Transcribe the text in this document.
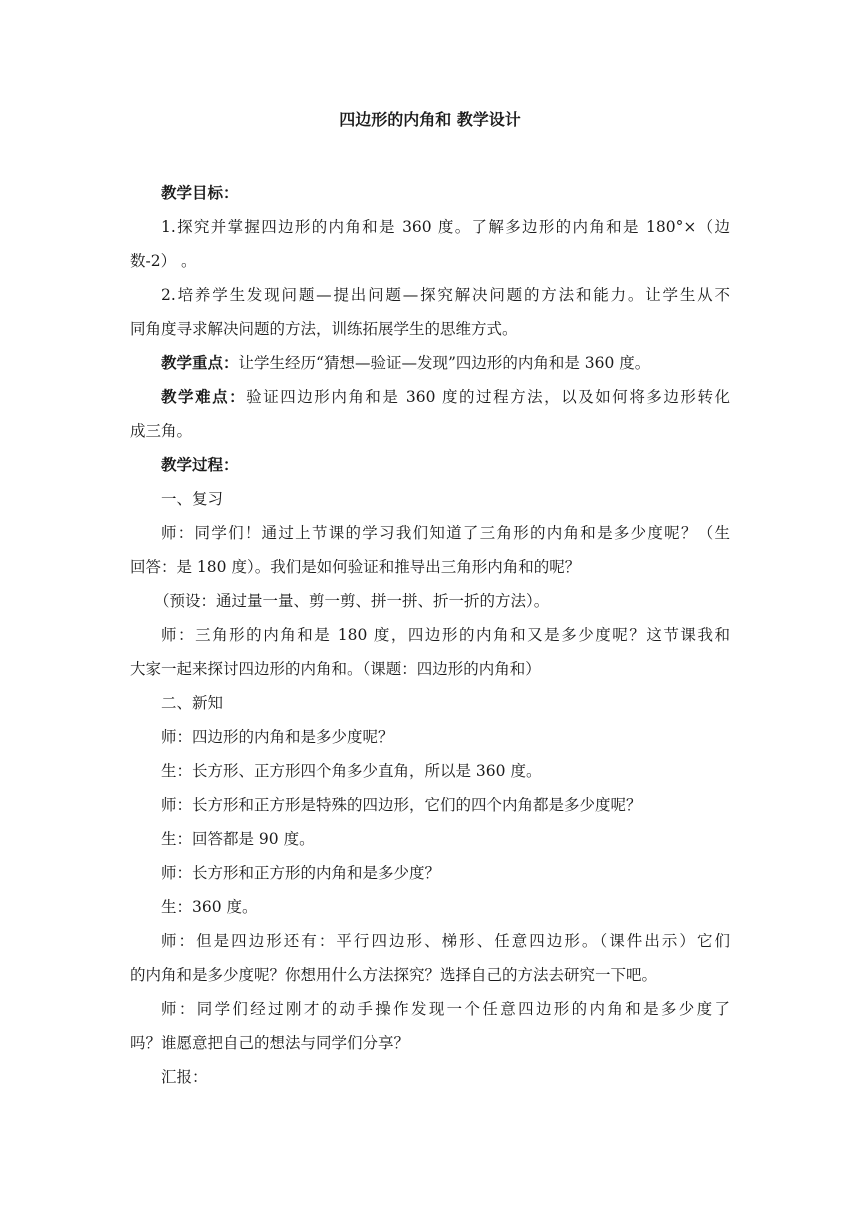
四边形的内角和 教学设计

教学目标：

1.探究并掌握四边形的内角和是 360 度。了解多边形的内角和是 180°×（边
数-2） 。
2.培养学生发现问题—提出问题—探究解决问题的方法和能力。让学生从不
同角度寻求解决问题的方法，训练拓展学生的思维方式。

教学重点：让学生经历“猜想—验证—发现”四边形的内角和是 360 度。

教学难点：验证四边形内角和是 360 度的过程方法，以及如何将多边形转化
成三角。

教学过程：

一、复习

师：同学们！通过上节课的学习我们知道了三角形的内角和是多少度呢？（生
回答：是 180 度）。我们是如何验证和推导出三角形内角和的呢？

（预设：通过量一量、剪一剪、拼一拼、折一折的方法）。

师：三角形的内角和是 180 度，四边形的内角和又是多少度呢？这节课我和
大家一起来探讨四边形的内角和。（课题：四边形的内角和）

二、新知

师：四边形的内角和是多少度呢？

生：长方形、正方形四个角多少直角，所以是 360 度。

师：长方形和正方形是特殊的四边形，它们的四个内角都是多少度呢？

生：回答都是 90 度。

师：长方形和正方形的内角和是多少度？

生：360 度。

师：但是四边形还有：平行四边形、梯形、任意四边形。（课件出示）它们
的内角和是多少度呢？你想用什么方法探究？选择自己的方法去研究一下吧。
师：同学们经过刚才的动手操作发现一个任意四边形的内角和是多少度了
吗？谁愿意把自己的想法与同学们分享？

汇报：
